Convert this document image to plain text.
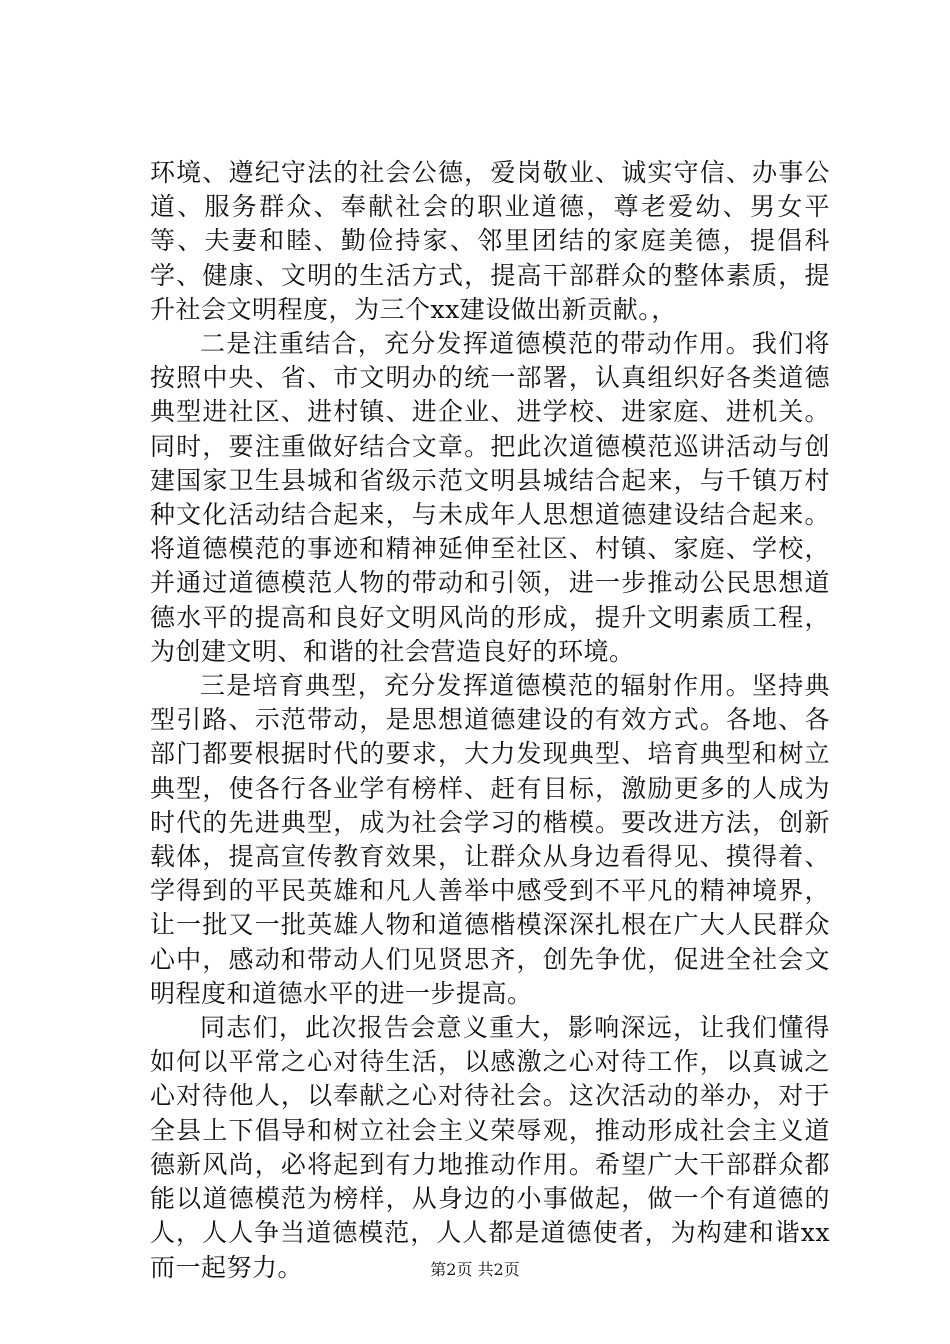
环境、遵纪守法的社会公德，爱岗敬业、诚实守信、办事公道、服务群众、奉献社会的职业道德，尊老爱幼、男女平等、夫妻和睦、勤俭持家、邻里团结的家庭美德，提倡科学、健康、文明的生活方式，提高干部群众的整体素质，提升社会文明程度，为三个xx建设做出新贡献。，

二是注重结合，充分发挥道德模范的带动作用。我们将按照中央、省、市文明办的统一部署，认真组织好各类道德典型进社区、进村镇、进企业、进学校、进家庭、进机关。同时，要注重做好结合文章。把此次道德模范巡讲活动与创建国家卫生县城和省级示范文明县城结合起来，与千镇万村种文化活动结合起来，与未成年人思想道德建设结合起来。将道德模范的事迹和精神延伸至社区、村镇、家庭、学校，并通过道德模范人物的带动和引领，进一步推动公民思想道德水平的提高和良好文明风尚的形成，提升文明素质工程，为创建文明、和谐的社会营造良好的环境。

三是培育典型，充分发挥道德模范的辐射作用。坚持典型引路、示范带动，是思想道德建设的有效方式。各地、各部门都要根据时代的要求，大力发现典型、培育典型和树立典型，使各行各业学有榜样、赶有目标，激励更多的人成为时代的先进典型，成为社会学习的楷模。要改进方法，创新载体，提高宣传教育效果，让群众从身边看得见、摸得着、学得到的平民英雄和凡人善举中感受到不平凡的精神境界，让一批又一批英雄人物和道德楷模深深扎根在广大人民群众心中，感动和带动人们见贤思齐，创先争优，促进全社会文明程度和道德水平的进一步提高。

同志们，此次报告会意义重大，影响深远，让我们懂得如何以平常之心对待生活，以感激之心对待工作，以真诚之心对待他人，以奉献之心对待社会。这次活动的举办，对于全县上下倡导和树立社会主义荣辱观，推动形成社会主义道德新风尚，必将起到有力地推动作用。希望广大干部群众都能以道德模范为榜样，从身边的小事做起，做一个有道德的人，人人争当道德模范，人人都是道德使者，为构建和谐xx而一起努力。	第2页 共2页
